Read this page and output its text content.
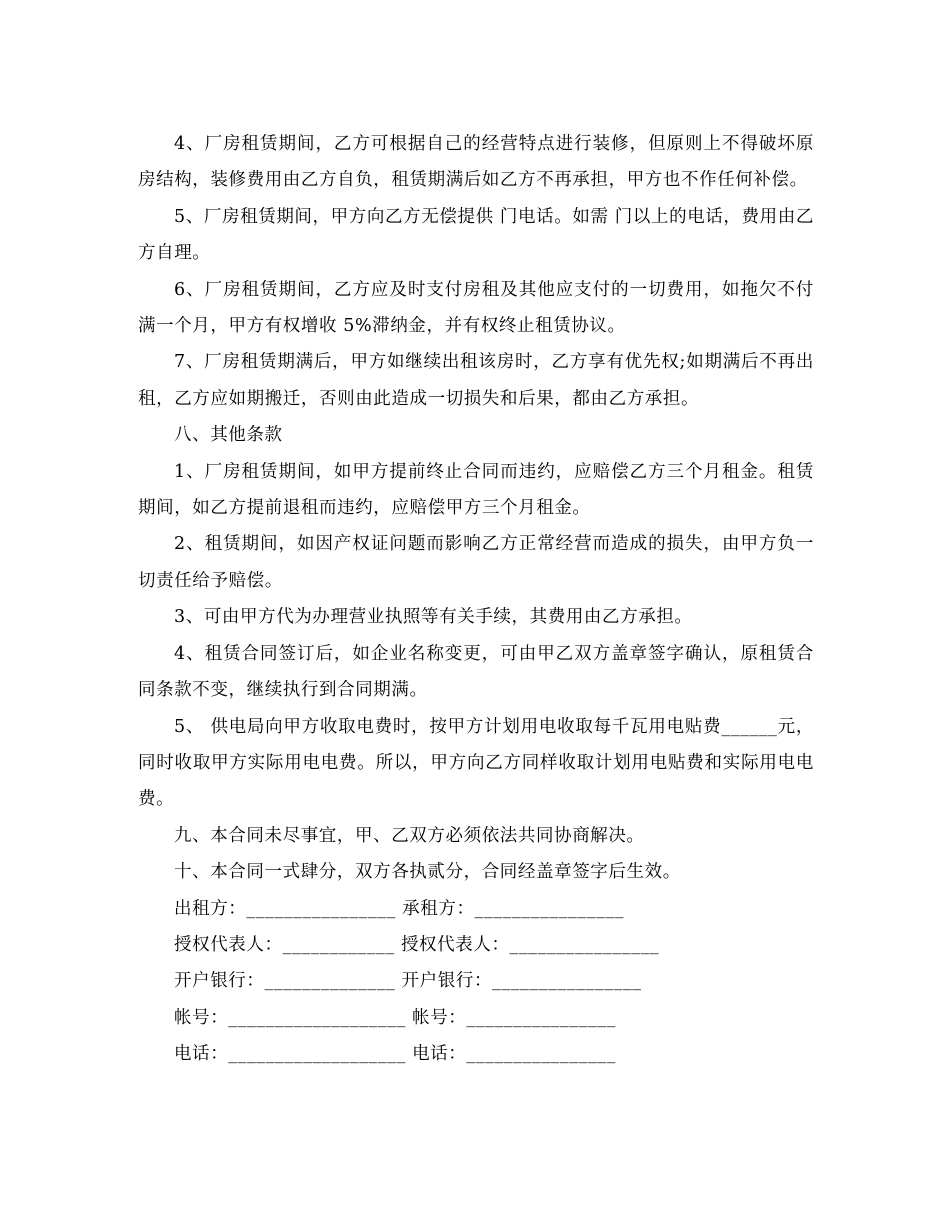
4、厂房租赁期间，乙方可根据自己的经营特点进行装修，但原则上不得破坏原房结构，装修费用由乙方自负，租赁期满后如乙方不再承担，甲方也不作任何补偿。

5、厂房租赁期间，甲方向乙方无偿提供 门电话。如需 门以上的电话，费用由乙方自理。

6、厂房租赁期间，乙方应及时支付房租及其他应支付的一切费用，如拖欠不付满一个月，甲方有权增收 5%滞纳金，并有权终止租赁协议。

7、厂房租赁期满后，甲方如继续出租该房时，乙方享有优先权;如期满后不再出租，乙方应如期搬迁，否则由此造成一切损失和后果，都由乙方承担。

八、其他条款

1、厂房租赁期间，如甲方提前终止合同而违约，应赔偿乙方三个月租金。租赁期间，如乙方提前退租而违约，应赔偿甲方三个月租金。

2、租赁期间，如因产权证问题而影响乙方正常经营而造成的损失，由甲方负一切责任给予赔偿。

3、可由甲方代为办理营业执照等有关手续，其费用由乙方承担。

4、租赁合同签订后，如企业名称变更，可由甲乙双方盖章签字确认，原租赁合同条款不变，继续执行到合同期满。

5、 供电局向甲方收取电费时，按甲方计划用电收取每千瓦用电贴费______元，同时收取甲方实际用电电费。所以，甲方向乙方同样收取计划用电贴费和实际用电电费。

九、本合同未尽事宜，甲、乙双方必须依法共同协商解决。

十、本合同一式肆分，双方各执贰分，合同经盖章签字后生效。

出租方：________________ 承租方：________________

授权代表人：____________ 授权代表人：________________

开户银行：______________ 开户银行：________________

帐号：___________________ 帐号：________________

电话：___________________ 电话：________________
